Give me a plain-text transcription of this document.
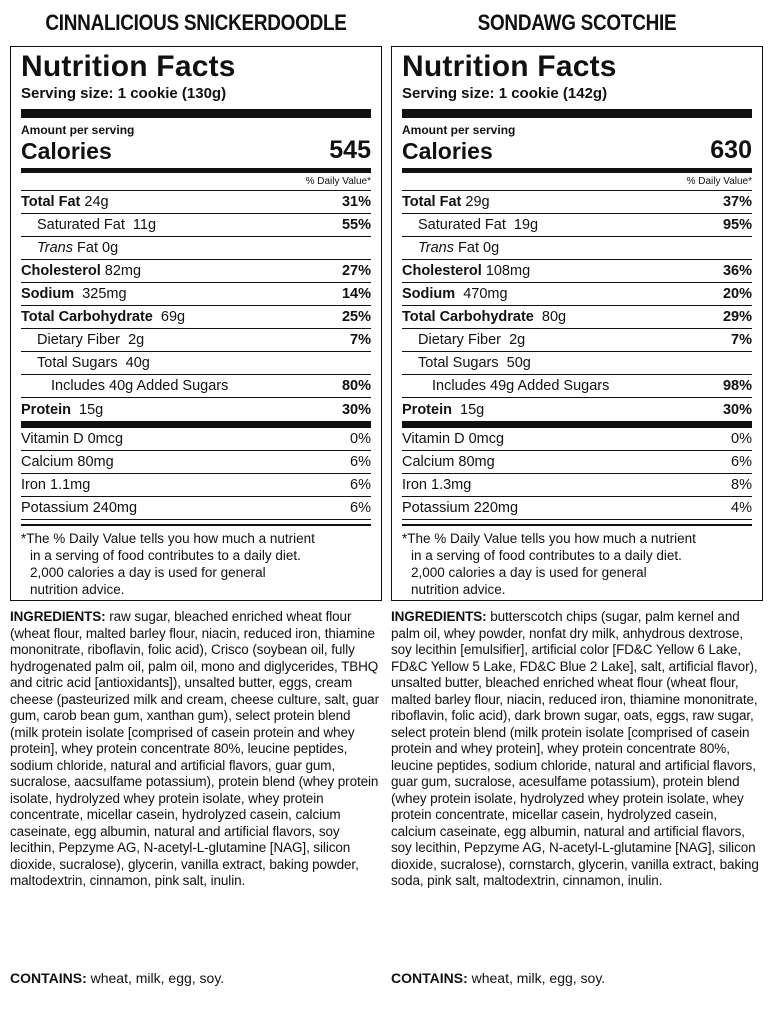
CINNALICIOUS SNICKERDOODLE
Nutrition Facts
Serving size: 1 cookie (130g)
Amount per serving
Calories	545
% Daily Value*
Total Fat 24g	31%
Saturated Fat 11g	55%
Trans Fat 0g
Cholesterol 82mg	27%
Sodium 325mg	14%
Total Carbohydrate 69g	25%
Dietary Fiber 2g	7%
Total Sugars 40g
Includes 40g Added Sugars	80%
Protein 15g	30%
Vitamin D 0mcg	0%
Calcium 80mg	6%
Iron 1.1mg	6%
Potassium 240mg	6%
*The % Daily Value tells you how much a nutrient
in a serving of food contributes to a daily diet.
2,000 calories a day is used for general
nutrition advice.
INGREDIENTS: raw sugar, bleached enriched wheat flour (wheat flour, malted barley flour, niacin, reduced iron, thiamine mononitrate, riboflavin, folic acid), Crisco (soybean oil, fully hydrogenated palm oil, palm oil, mono and diglycerides, TBHQ and citric acid [antioxidants]), unsalted butter, eggs, cream cheese (pasteurized milk and cream, cheese culture, salt, guar gum, carob bean gum, xanthan gum), select protein blend (milk protein isolate [comprised of casein protein and whey protein], whey protein concentrate 80%, leucine peptides, sodium chloride, natural and artificial flavors, guar gum, sucralose, aacsulfame potassium), protein blend (whey protein isolate, hydrolyzed whey protein isolate, whey protein concentrate, micellar casein, hydrolyzed casein, calcium caseinate, egg albumin, natural and artificial flavors, soy lecithin, Pepzyme AG, N-acetyl-L-glutamine [NAG], silicon dioxide, sucralose), glycerin, vanilla extract, baking powder, maltodextrin, cinnamon, pink salt, inulin.
CONTAINS: wheat, milk, egg, soy.
SONDAWG SCOTCHIE
Nutrition Facts
Serving size: 1 cookie (142g)
Amount per serving
Calories	630
% Daily Value*
Total Fat 29g	37%
Saturated Fat 19g	95%
Trans Fat 0g
Cholesterol 108mg	36%
Sodium 470mg	20%
Total Carbohydrate 80g	29%
Dietary Fiber 2g	7%
Total Sugars 50g
Includes 49g Added Sugars	98%
Protein 15g	30%
Vitamin D 0mcg	0%
Calcium 80mg	6%
Iron 1.3mg	8%
Potassium 220mg	4%
*The % Daily Value tells you how much a nutrient
in a serving of food contributes to a daily diet.
2,000 calories a day is used for general
nutrition advice.
INGREDIENTS: butterscotch chips (sugar, palm kernel and palm oil, whey powder, nonfat dry milk, anhydrous dextrose, soy lecithin [emulsifier], artificial color [FD&C Yellow 6 Lake, FD&C Yellow 5 Lake, FD&C Blue 2 Lake], salt, artificial flavor), unsalted butter, bleached enriched wheat flour (wheat flour, malted barley flour, niacin, reduced iron, thiamine mononitrate, riboflavin, folic acid), dark brown sugar, oats, eggs, raw sugar, select protein blend (milk protein isolate [comprised of casein protein and whey protein], whey protein concentrate 80%, leucine peptides, sodium chloride, natural and artificial flavors, guar gum, sucralose, acesulfame potassium), protein blend (whey protein isolate, hydrolyzed whey protein isolate, whey protein concentrate, micellar casein, hydrolyzed casein, calcium caseinate, egg albumin, natural and artificial flavors, soy lecithin, Pepzyme AG, N-acetyl-L-glutamine [NAG], silicon dioxide, sucralose), cornstarch, glycerin, vanilla extract, baking soda, pink salt, maltodextrin, cinnamon, inulin.
CONTAINS: wheat, milk, egg, soy.
